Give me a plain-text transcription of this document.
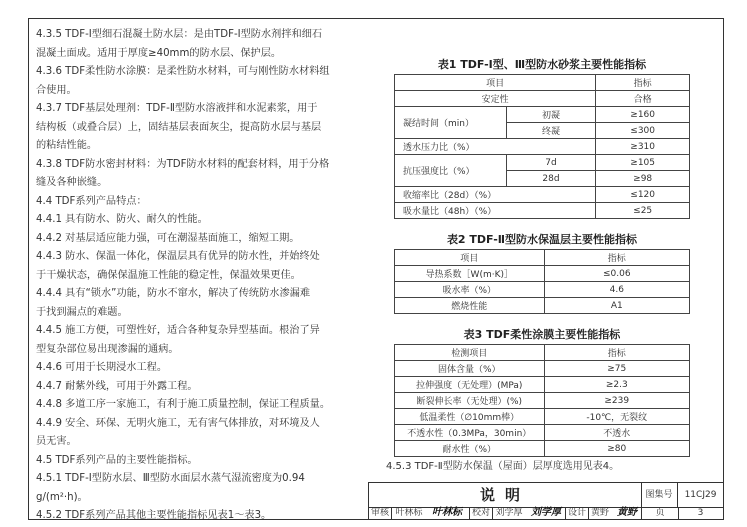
4.3.5 TDF-Ⅰ型细石混凝土防水层：是由TDF-Ⅰ型防水剂拌和细石

混凝土面成。适用于厚度≥40mm的防水层、保护层。

4.3.6 TDF柔性防水涂膜：是柔性防水材料，可与刚性防水材料组

合使用。

4.3.7 TDF基层处理剂：TDF-Ⅱ型防水溶液拌和水泥素浆，用于

结构板（或叠合层）上，固结基层表面灰尘，提高防水层与基层

的粘结性能。

4.3.8 TDF防水密封材料：为TDF防水材料的配套材料，用于分格

缝及各种嵌缝。

4.4 TDF系列产品特点：

4.4.1 具有防水、防火、耐久的性能。

4.4.2 对基层适应能力强，可在潮湿基面施工，缩短工期。

4.4.3 防水、保温一体化，保温层具有优异的防水性，并始终处

于干燥状态，确保保温施工性能的稳定性，保温效果更佳。

4.4.4 具有“锁水”功能，防水不窜水，解决了传统防水渗漏难

于找到漏点的难题。

4.4.5 施工方便，可塑性好，适合各种复杂异型基面。根治了异

型复杂部位易出现渗漏的通病。

4.4.6 可用于长期浸水工程。

4.4.7 耐紫外线，可用于外露工程。

4.4.8 多道工序一家施工，有利于施工质量控制，保证工程质量。

4.4.9 安全、环保、无明火施工，无有害气体排放，对环境及人

员无害。

4.5 TDF系列产品的主要性能指标。

4.5.1 TDF-Ⅰ型防水层、Ⅲ型防水面层水蒸气湿流密度为0.94

g/(m²·h)。

4.5.2 TDF系列产品其他主要性能指标见表1～表3。

表1 TDF-Ⅰ型、Ⅲ型防水砂浆主要性能指标
项目		指标
安定性		合格
凝结时间（min）	初凝	≥160
	终凝	≤300
透水压力比（%）		≥310
抗压强度比（%）	7d	≥105
	28d	≥98
收缩率比（28d）（%）		≤120
吸水量比（48h）（%）		≤25
表2 TDF-Ⅱ型防水保温层主要性能指标
项目	指标
导热系数［W(m·K)］	≤0.06
吸水率（%）	4.6
燃烧性能	A1
表3 TDF柔性涂膜主要性能指标
检测项目	指标
固体含量（%）	≥75
拉伸强度（无处理）(MPa)	≥2.3
断裂伸长率（无处理）(%)	≥239
低温柔性（∅10mm棒）	-10℃，无裂纹
不透水性（0.3MPa，30min）	不透水
耐水性（%）	≥80
4.5.3 TDF-Ⅱ型防水保温（屋面）层厚度选用见表4。
说明	图集号	11CJ29
审核 叶林标 叶林标	校对 刘学厚 刘学厚 设计 黄野 黄野	页	3
